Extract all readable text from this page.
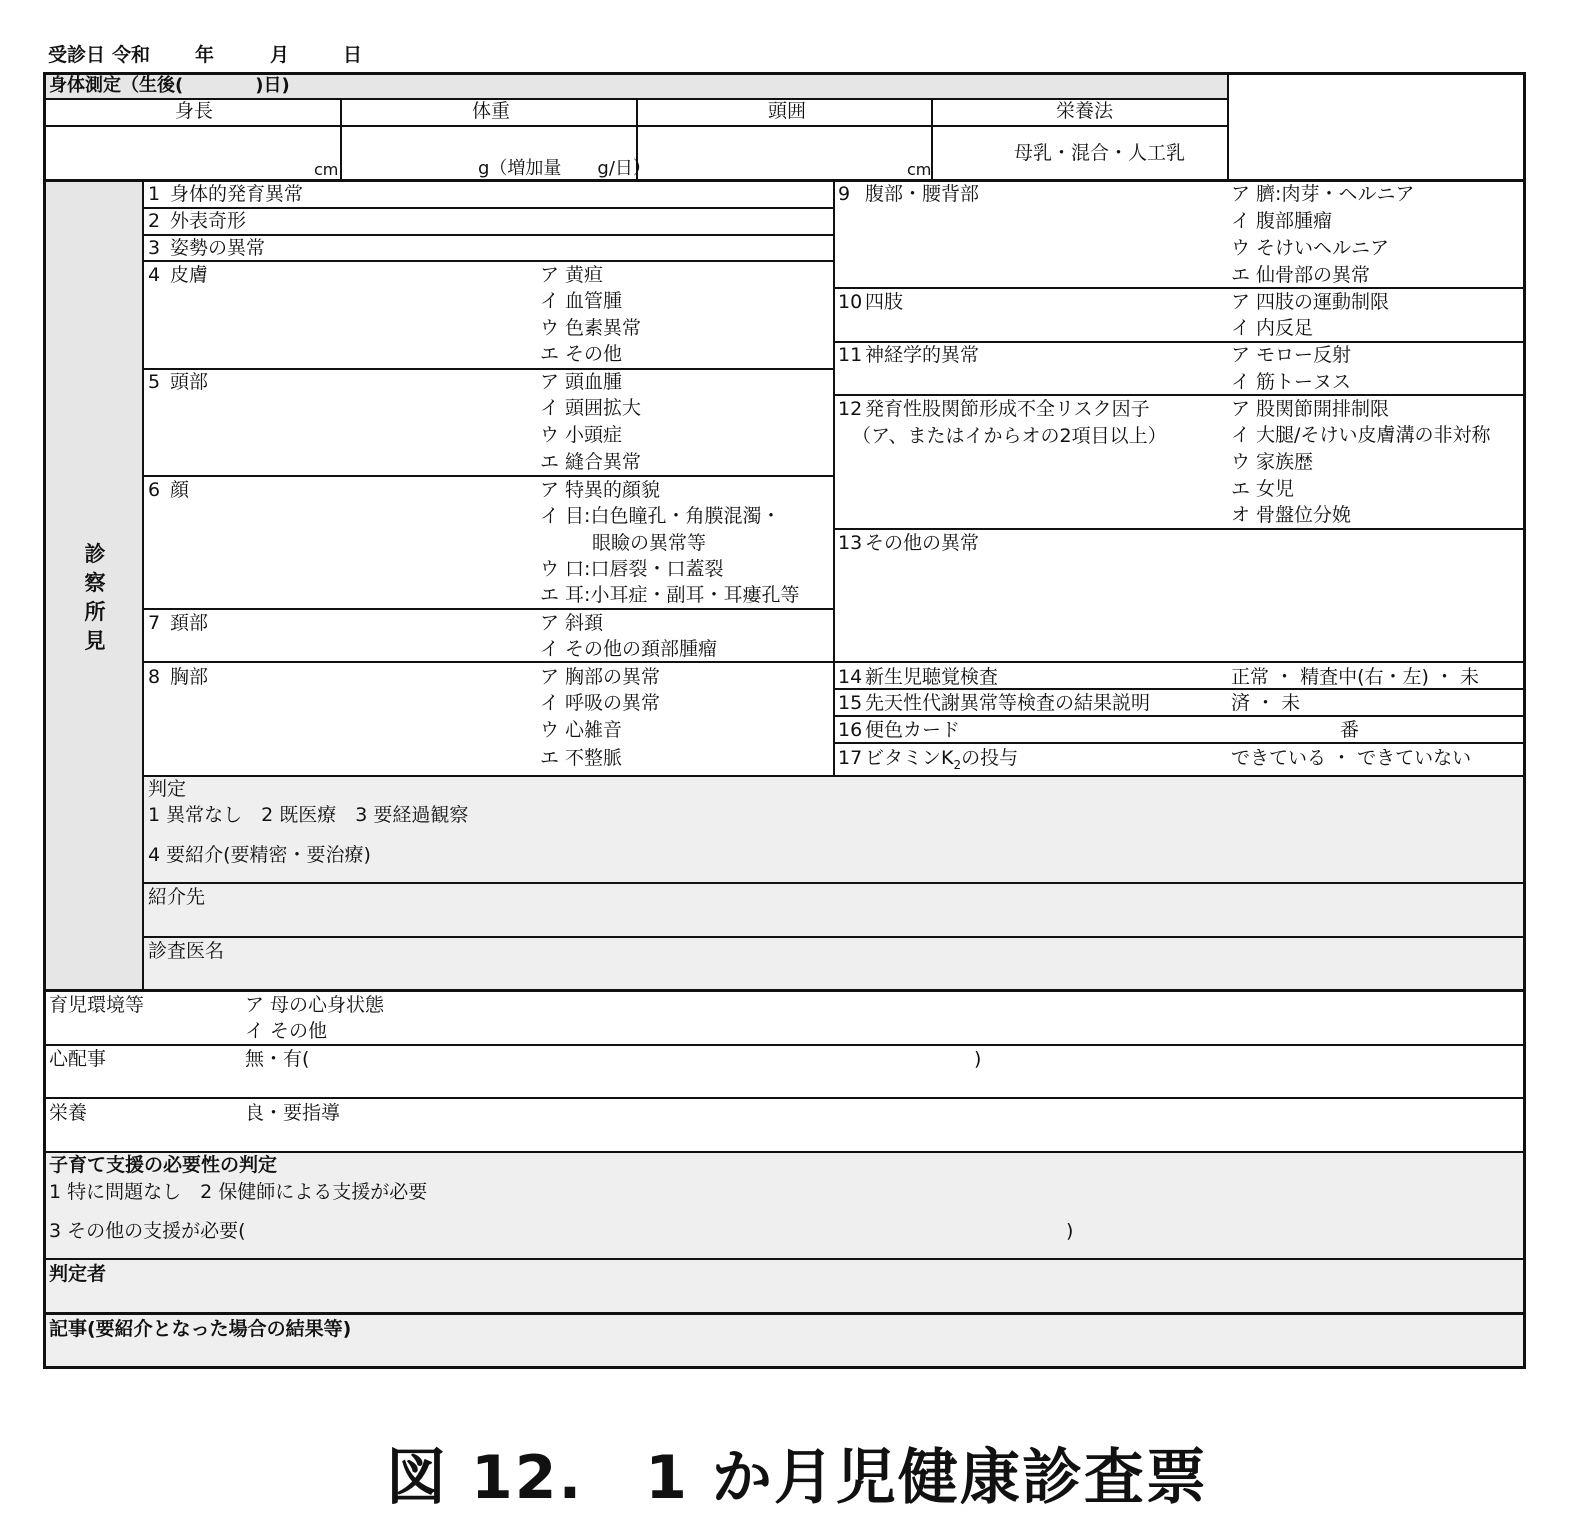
受診日 令和 年	月	日
身体測定（生後(　　　　)日)
身長	体重	頭囲	栄養法
cm	g（増加量　　g/日）	cm
母乳・混合・人工乳
診察所見
1 身体的発育異常
2 外表奇形
3 姿勢の異常
4 皮膚	ア 黄疸
イ 血管腫
ウ 色素異常
エ その他
5 頭部	ア 頭血腫
イ 頭囲拡大
ウ 小頭症
エ 縫合異常
6 顔	ア 特異的顔貌
イ 目:白色瞳孔・角膜混濁・
眼瞼の異常等
ウ 口:口唇裂・口蓋裂
エ 耳:小耳症・副耳・耳瘻孔等
7 頚部	ア 斜頚
イ その他の頚部腫瘤
8 胸部	ア 胸部の異常
イ 呼吸の異常
ウ 心雑音
エ 不整脈
9 腹部・腰背部	ア 臍:肉芽・ヘルニア
イ 腹部腫瘤
ウ そけいヘルニア
エ 仙骨部の異常
10 四肢	ア 四肢の運動制限
イ 内反足
11 神経学的異常	ア モロー反射
イ 筋トーヌス
12 発育性股関節形成不全リスク因子
（ア、またはイからオの2項目以上）
ア 股関節開排制限
イ 大腿/そけい皮膚溝の非対称
ウ 家族歴
エ 女児
オ 骨盤位分娩
13 その他の異常
14 新生児聴覚検査	正常 ・ 精査中(右・左) ・ 未
15 先天性代謝異常等検査の結果説明	済 ・ 未
16 便色カード	番
17 ビタミン$K_2$の投与	できている ・ できていない
判定
1 異常なし　2 既医療　3 要経過観察
4 要紹介(要精密・要治療)
紹介先
診査医名
育児環境等	ア 母の心身状態
イ その他
心配事	無・有(	)
栄養	良・要指導
子育て支援の必要性の判定
1 特に問題なし　2 保健師による支援が必要
3 その他の支援が必要(	)
判定者
記事(要紹介となった場合の結果等)
図 12.　1 か月児健康診査票
